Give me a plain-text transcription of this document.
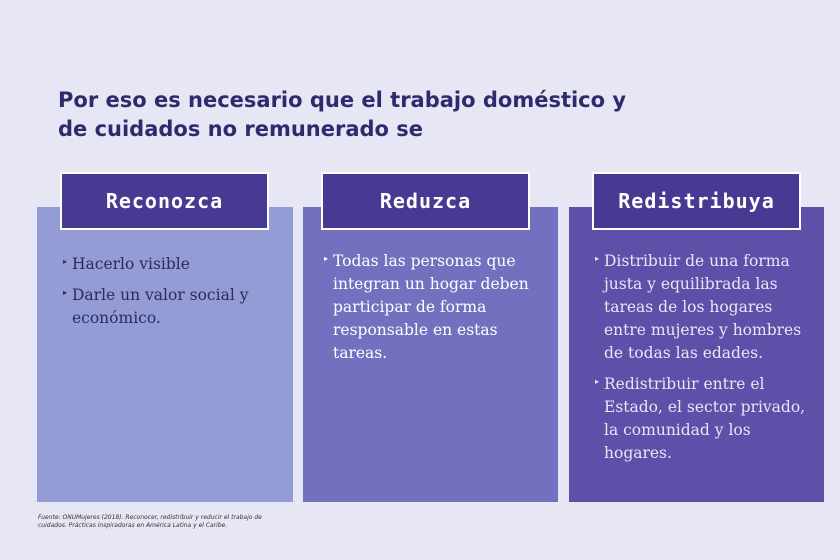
Por eso es necesario que el trabajo doméstico y
de cuidados no remunerado se
▸ Hacerlo visible
▸ Darle un valor social y económico.
▸ Todas las personas que integran un hogar deben participar de forma responsable en estas tareas.
▸ Distribuir de una forma justa y equilibrada las tareas de los hogares entre mujeres y hombres de todas las edades.
▸ Redistribuir entre el Estado, el sector privado, la comunidad y los hogares.
Reconozca	Reduzca	Redistribuya
Fuente: ONUMujeres (2018). Reconocer, redistribuir y reducir el trabajo de cuidados. Prácticas inspiradoras en América Latina y el Caribe.
